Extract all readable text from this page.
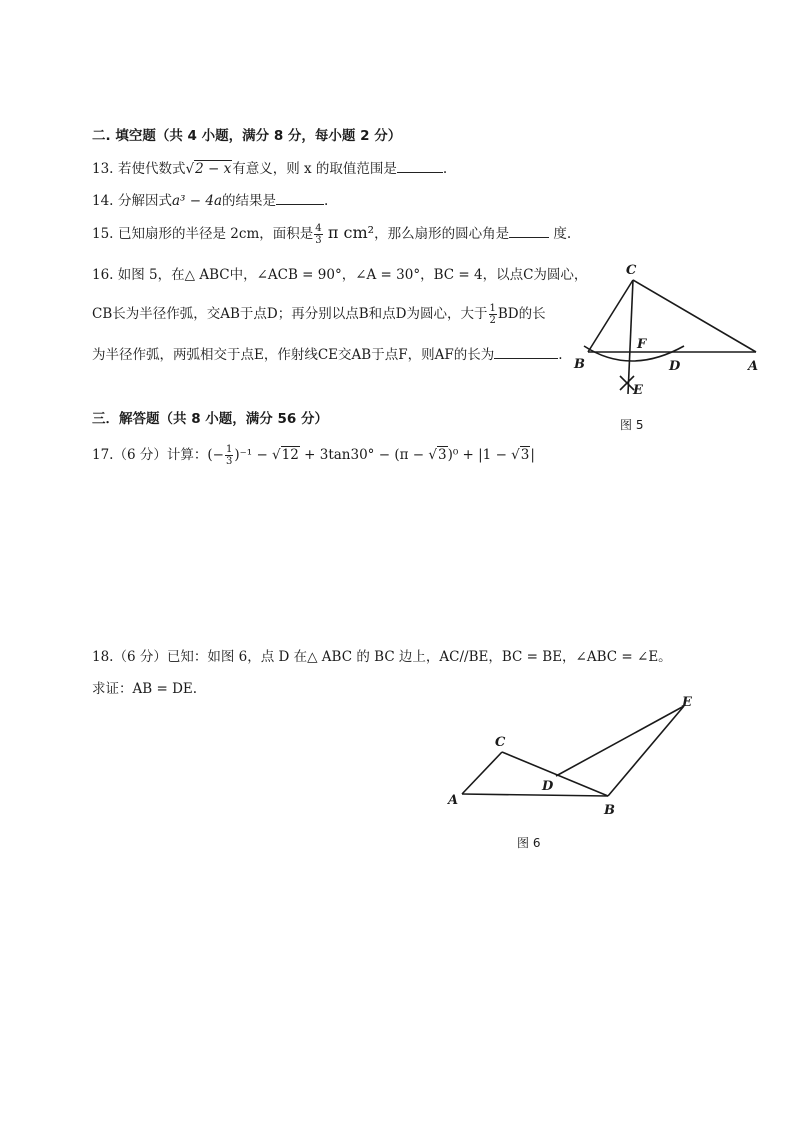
二. 填空题（共 4 小题，满分 8 分，每小题 2 分）
13. 若使代数式√2 − x有意义，则 x 的取值范围是	.
14. 分解因式a³ − 4a的结果是	.
15. 已知扇形的半径是 2cm，面积是 $\frac{4}{3}$ π cm²，那么扇形的圆心角是	度.
16. 如图 5，在△ ABC中，∠ACB = 90°，∠A = 30°，BC = 4，以点C为圆心，
CB长为半径作弧，交AB于点D；再分别以点B和点D为圆心，大于 $\frac{1}{2}$ BD的长
为半径作弧，两弧相交于点E，作射线CE交AB于点F，则AF的长为	.
C
B	A
D
F
E
图 5
三．解答题（共 8 小题，满分 56 分）
17.（6 分）计算：(− $\frac{1}{3} )^{-1} - √12 + 3\tan 30^\circ - (\pi - √3)^0 + |1 - √3|$
18.（6 分）已知：如图 6，点 D 在△ ABC 的 BC 边上，AC//BE，BC = BE，∠ABC = ∠E。
求证：AB = DE.
A
B
C
D
E
图 6
